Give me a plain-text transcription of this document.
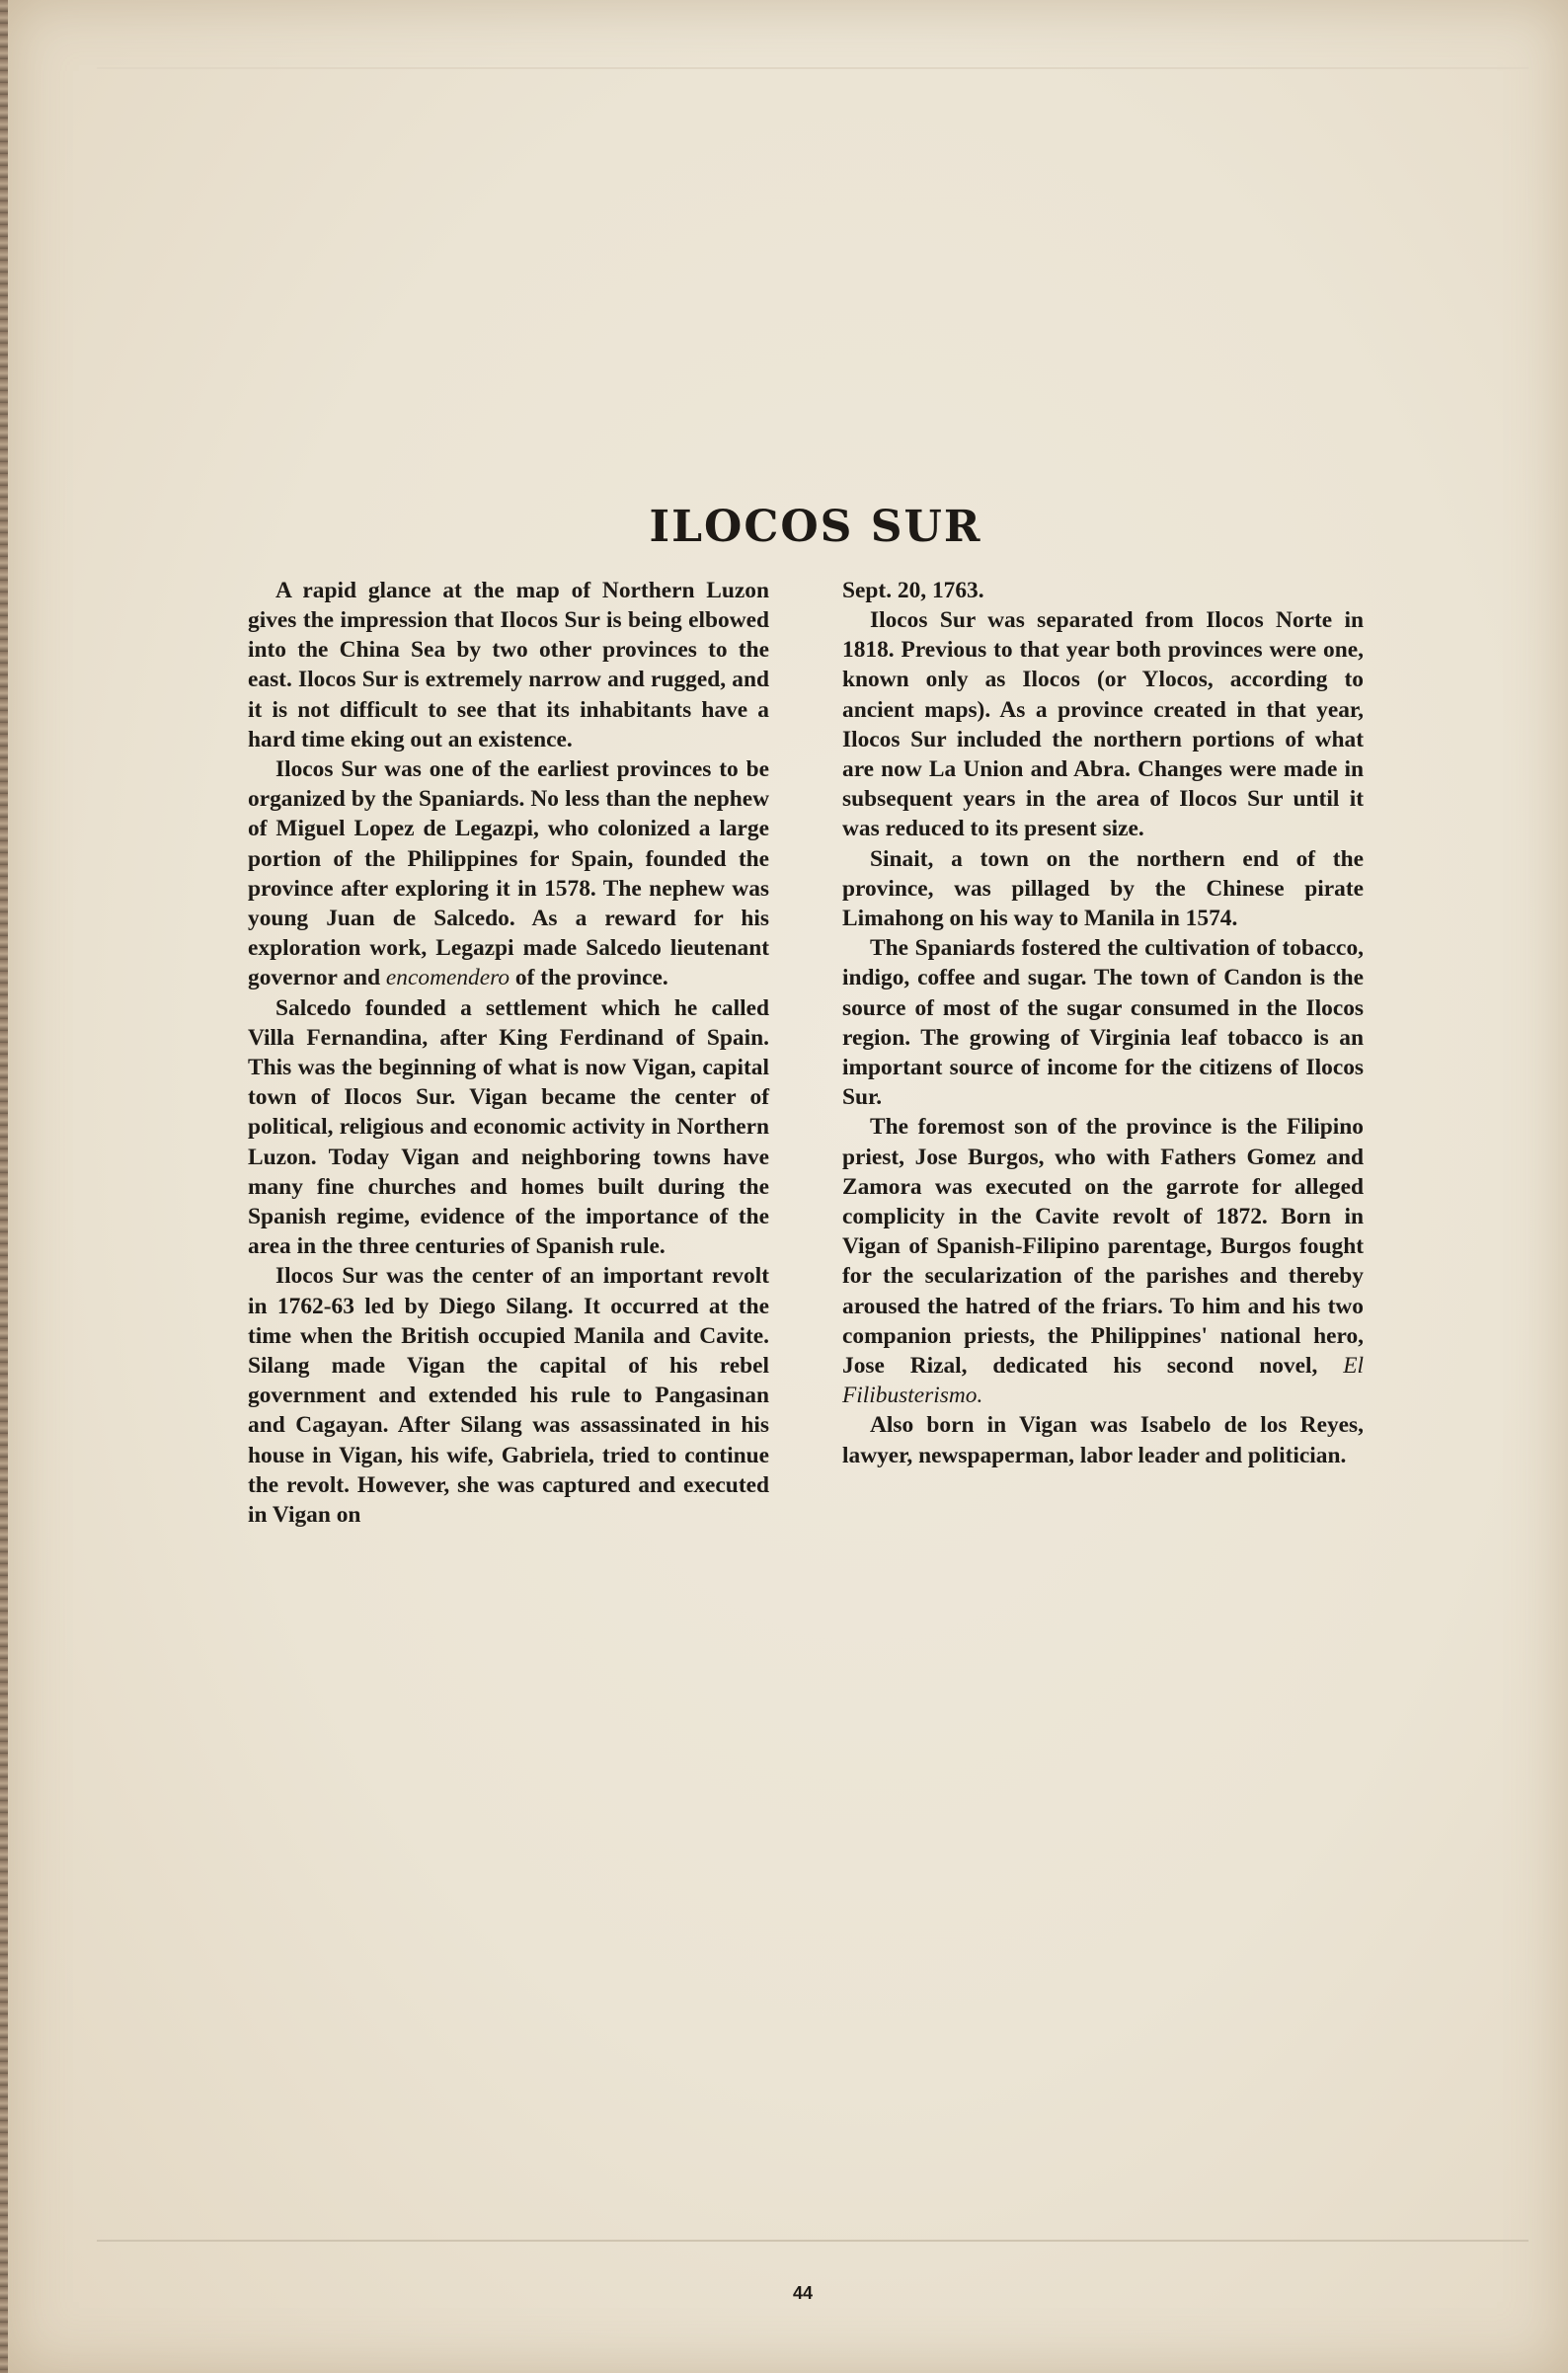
ILOCOS SUR

A rapid glance at the map of Northern Luzon gives the impression that Ilocos Sur is being elbowed into the China Sea by two other provinces to the east. Ilocos Sur is extremely narrow and rugged, and it is not difficult to see that its inhabitants have a hard time eking out an existence.

Ilocos Sur was one of the earliest provinces to be organized by the Spaniards. No less than the nephew of Miguel Lopez de Legazpi, who colonized a large portion of the Philippines for Spain, founded the province after exploring it in 1578. The nephew was young Juan de Salcedo. As a reward for his exploration work, Legazpi made Salcedo lieutenant governor and encomendero of the province.

Salcedo founded a settlement which he called Villa Fernandina, after King Ferdinand of Spain. This was the beginning of what is now Vigan, capital town of Ilocos Sur. Vigan became the center of political, religious and economic activity in Northern Luzon. Today Vigan and neighboring towns have many fine churches and homes built during the Spanish regime, evidence of the importance of the area in the three centuries of Spanish rule.

Ilocos Sur was the center of an important revolt in 1762-63 led by Diego Silang. It occurred at the time when the British occupied Manila and Cavite. Silang made Vigan the capital of his rebel government and extended his rule to Pangasinan and Cagayan. After Silang was assassinated in his house in Vigan, his wife, Gabriela, tried to continue the revolt. However, she was captured and executed in Vigan on

Sept. 20, 1763.

Ilocos Sur was separated from Ilocos Norte in 1818. Previous to that year both provinces were one, known only as Ilocos (or Ylocos, according to ancient maps). As a province created in that year, Ilocos Sur included the northern portions of what are now La Union and Abra. Changes were made in subsequent years in the area of Ilocos Sur until it was reduced to its present size.

Sinait, a town on the northern end of the province, was pillaged by the Chinese pirate Limahong on his way to Manila in 1574.

The Spaniards fostered the cultivation of tobacco, indigo, coffee and sugar. The town of Candon is the source of most of the sugar consumed in the Ilocos region. The growing of Virginia leaf tobacco is an important source of income for the citizens of Ilocos Sur.

The foremost son of the province is the Filipino priest, Jose Burgos, who with Fathers Gomez and Zamora was executed on the garrote for alleged complicity in the Cavite revolt of 1872. Born in Vigan of Spanish-Filipino parentage, Burgos fought for the secularization of the parishes and thereby aroused the hatred of the friars. To him and his two companion priests, the Philippines' national hero, Jose Rizal, dedicated his second novel, El Filibusterismo.

Also born in Vigan was Isabelo de los Reyes, lawyer, newspaperman, labor leader and politician.

44
